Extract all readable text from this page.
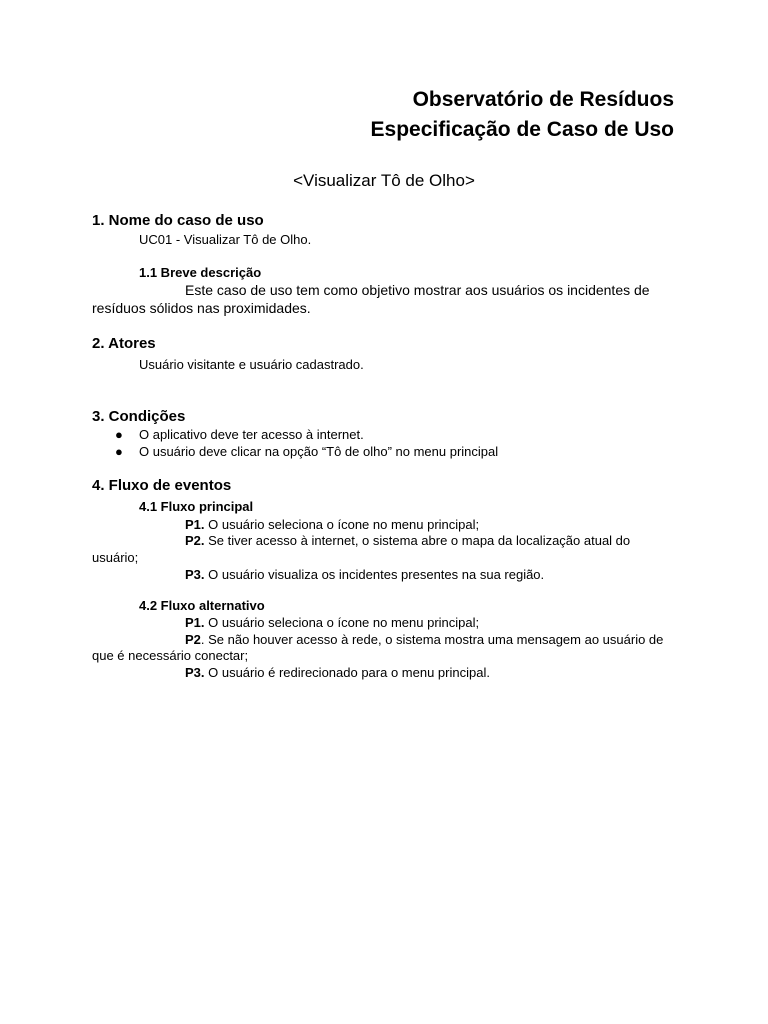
Observatório de Resíduos
Especificação de Caso de Uso
<Visualizar Tô de Olho>
1. Nome do caso de uso
UC01 - Visualizar Tô de Olho.
1.1 Breve descrição
Este caso de uso tem como objetivo mostrar aos usuários os incidentes de
resíduos sólidos nas proximidades.
2. Atores
Usuário visitante e usuário cadastrado.
3. Condições
● O aplicativo deve ter acesso à internet.
● O usuário deve clicar na opção “Tô de olho” no menu principal
4. Fluxo de eventos
4.1 Fluxo principal
P1. O usuário seleciona o ícone no menu principal;
P2. Se tiver acesso à internet, o sistema abre o mapa da localização atual do
usuário;
P3. O usuário visualiza os incidentes presentes na sua região.
4.2 Fluxo alternativo
P1. O usuário seleciona o ícone no menu principal;
P2. Se não houver acesso à rede, o sistema mostra uma mensagem ao usuário de
que é necessário conectar;
P3. O usuário é redirecionado para o menu principal.
